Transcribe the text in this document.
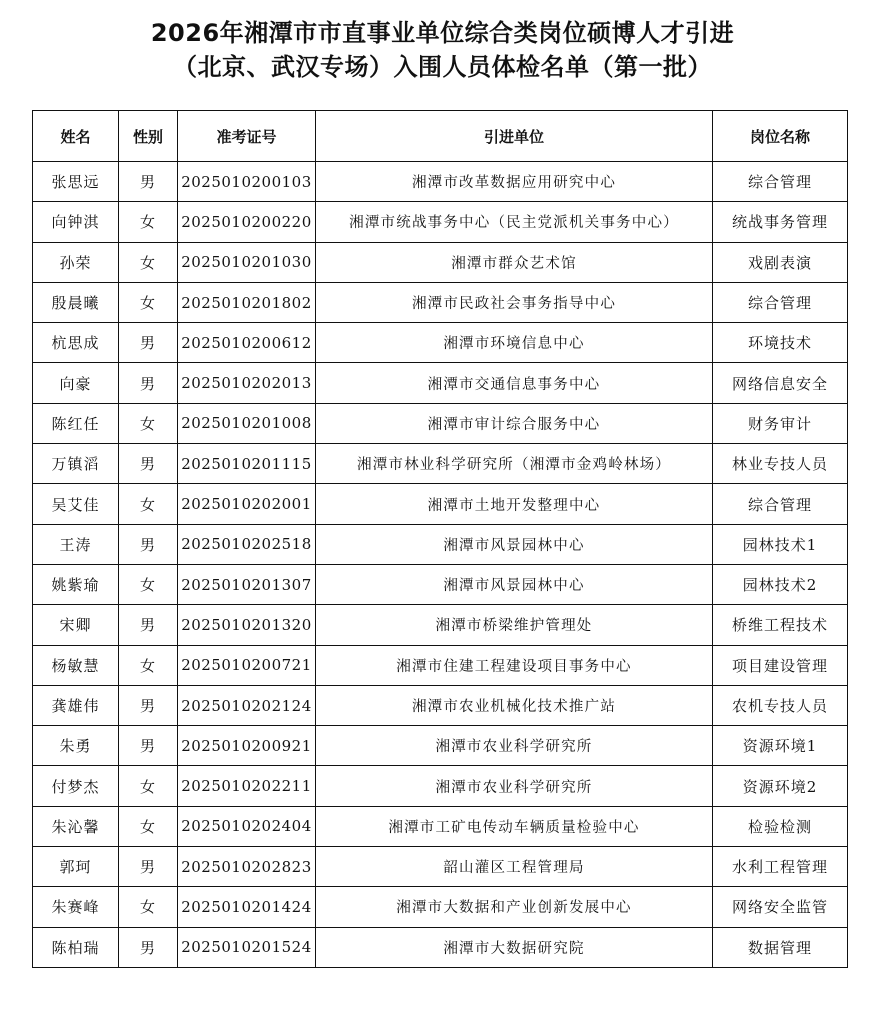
2026年湘潭市市直事业单位综合类岗位硕博人才引进
（北京、武汉专场）入围人员体检名单（第一批）
姓名	性别	准考证号	引进单位	岗位名称
张思远	男	2025010200103	湘潭市改革数据应用研究中心	综合管理
向钟淇	女	2025010200220	湘潭市统战事务中心（民主党派机关事务中心）	统战事务管理
孙荣	女	2025010201030	湘潭市群众艺术馆	戏剧表演
殷晨曦	女	2025010201802	湘潭市民政社会事务指导中心	综合管理
杭思成	男	2025010200612	湘潭市环境信息中心	环境技术
向豪	男	2025010202013	湘潭市交通信息事务中心	网络信息安全
陈红任	女	2025010201008	湘潭市审计综合服务中心	财务审计
万镇滔	男	2025010201115	湘潭市林业科学研究所（湘潭市金鸡岭林场）	林业专技人员
吴艾佳	女	2025010202001	湘潭市土地开发整理中心	综合管理
王涛	男	2025010202518	湘潭市风景园林中心	园林技术1
姚紫瑜	女	2025010201307	湘潭市风景园林中心	园林技术2
宋卿	男	2025010201320	湘潭市桥梁维护管理处	桥维工程技术
杨敏慧	女	2025010200721	湘潭市住建工程建设项目事务中心	项目建设管理
龚雄伟	男	2025010202124	湘潭市农业机械化技术推广站	农机专技人员
朱勇	男	2025010200921	湘潭市农业科学研究所	资源环境1
付梦杰	女	2025010202211	湘潭市农业科学研究所	资源环境2
朱沁馨	女	2025010202404	湘潭市工矿电传动车辆质量检验中心	检验检测
郭珂	男	2025010202823	韶山灌区工程管理局	水利工程管理
朱赛峰	女	2025010201424	湘潭市大数据和产业创新发展中心	网络安全监管
陈柏瑞	男	2025010201524	湘潭市大数据研究院	数据管理
